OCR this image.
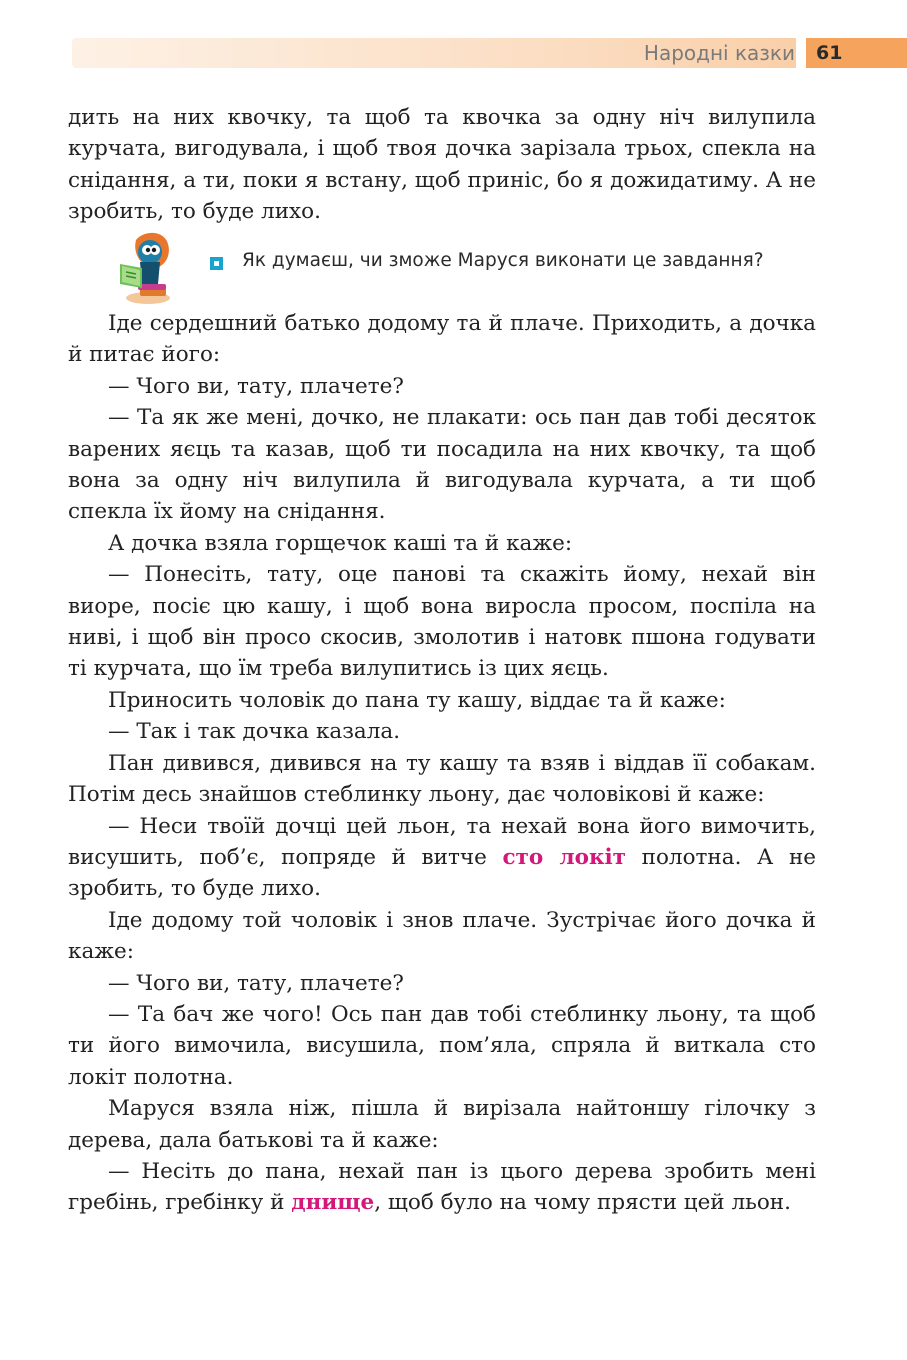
Народні казки 61

дить на них квочку, та щоб та квочка за одну ніч вилупила курчата, вигодувала, і щоб твоя дочка зарізала трьох, спекла на снідання, а ти, поки я встану, щоб приніс, бо я дожидатиму. А не зробить, то буде лихо.

Як думаєш, чи зможе Маруся виконати це завдання?

Іде сердешний батько додому та й плаче. Приходить, а дочка й питає його:

— Чого ви, тату, плачете?

— Та як же мені, дочко, не плакати: ось пан дав тобі десяток варених яєць та казав, щоб ти посадила на них квочку, та щоб вона за одну ніч вилупила й вигодувала курчата, а ти щоб спекла їх йому на снідання.

А дочка взяла горщечок каші та й каже:

— Понесіть, тату, оце панові та скажіть йому, нехай він виоре, посіє цю кашу, і щоб вона виросла просом, поспіла на ниві, і щоб він просо скосив, змолотив і натовк пшона годувати ті курчата, що їм треба вилупитись із цих яєць.

Приносить чоловік до пана ту кашу, віддає та й каже:

— Так і так дочка казала.

Пан дивився, дивився на ту кашу та взяв і віддав її собакам. Потім десь знайшов стеблинку льону, дає чоловікові й каже:

— Неси твоїй дочці цей льон, та нехай вона його вимочить, висушить, поб’є, попряде й витче сто локіт полотна. А не зробить, то буде лихо.

Іде додому той чоловік і знов плаче. Зустрічає його дочка й каже:

— Чого ви, тату, плачете?

— Та бач же чого! Ось пан дав тобі стеблинку льону, та щоб ти його вимочила, висушила, пом’яла, спряла й виткала сто локіт полотна.

Маруся взяла ніж, пішла й вирізала найтоншу гілочку з дерева, дала батькові та й каже:

— Несіть до пана, нехай пан із цього дерева зробить мені гребінь, гребінку й днище, щоб було на чому прясти цей льон.
